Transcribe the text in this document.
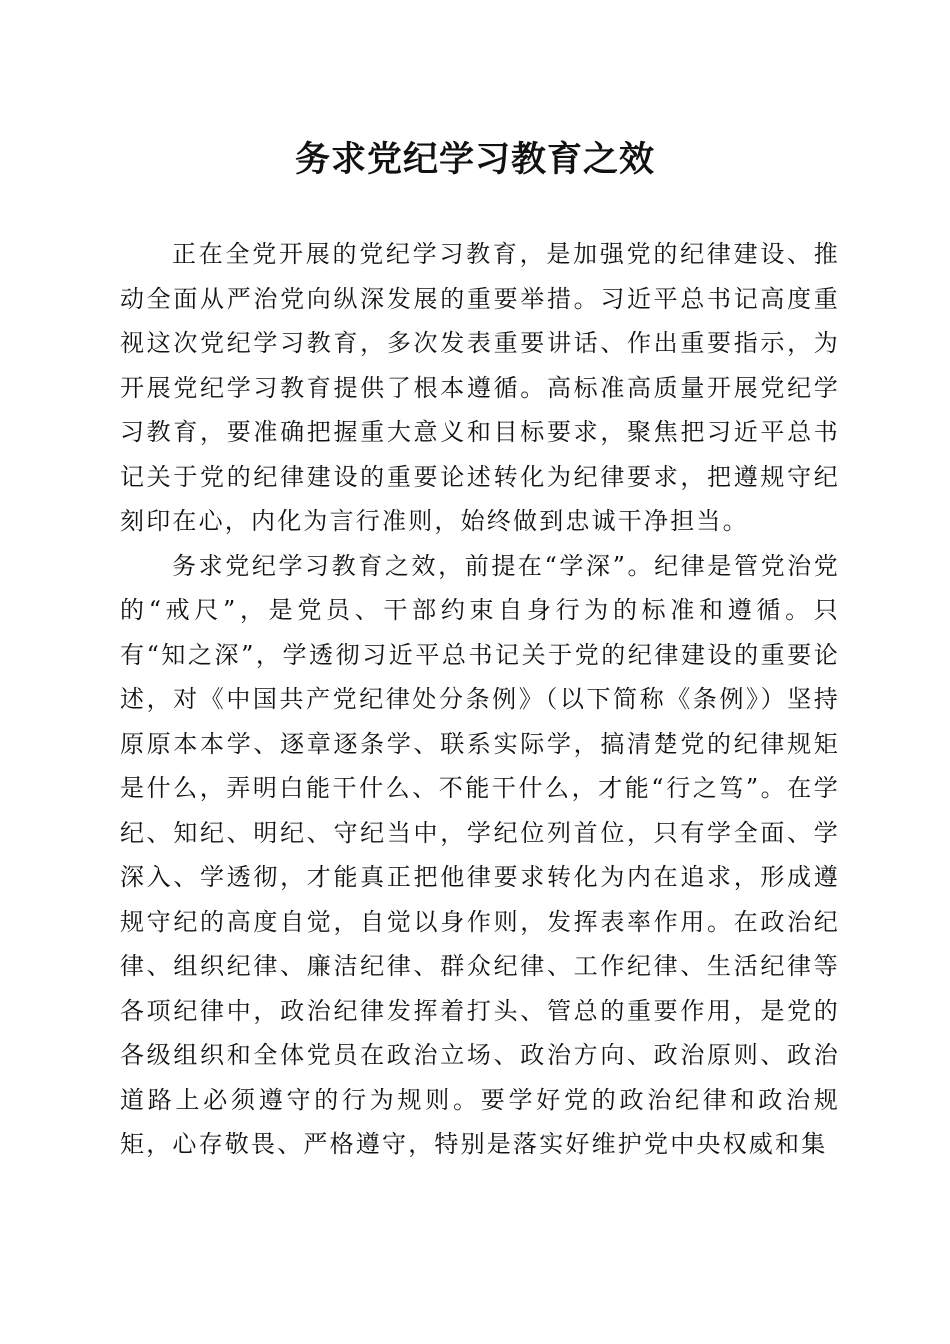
务求党纪学习教育之效

正在全党开展的党纪学习教育，是加强党的纪律建设、推动全面从严治党向纵深发展的重要举措。习近平总书记高度重视这次党纪学习教育，多次发表重要讲话、作出重要指示，为开展党纪学习教育提供了根本遵循。高标准高质量开展党纪学习教育，要准确把握重大意义和目标要求，聚焦把习近平总书记关于党的纪律建设的重要论述转化为纪律要求，把遵规守纪刻印在心，内化为言行准则，始终做到忠诚干净担当。

务求党纪学习教育之效，前提在“学深”。纪律是管党治党的“戒尺”，是党员、干部约束自身行为的标准和遵循。只有“知之深”，学透彻习近平总书记关于党的纪律建设的重要论述，对《中国共产党纪律处分条例》（以下简称《条例》）坚持原原本本学、逐章逐条学、联系实际学，搞清楚党的纪律规矩是什么，弄明白能干什么、不能干什么，才能“行之笃”。在学纪、知纪、明纪、守纪当中，学纪位列首位，只有学全面、学深入、学透彻，才能真正把他律要求转化为内在追求，形成遵规守纪的高度自觉，自觉以身作则，发挥表率作用。在政治纪律、组织纪律、廉洁纪律、群众纪律、工作纪律、生活纪律等各项纪律中，政治纪律发挥着打头、管总的重要作用，是党的各级组织和全体党员在政治立场、政治方向、政治原则、政治道路上必须遵守的行为规则。要学好党的政治纪律和政治规矩，心存敬畏、严格遵守，特别是落实好维护党中央权威和集
